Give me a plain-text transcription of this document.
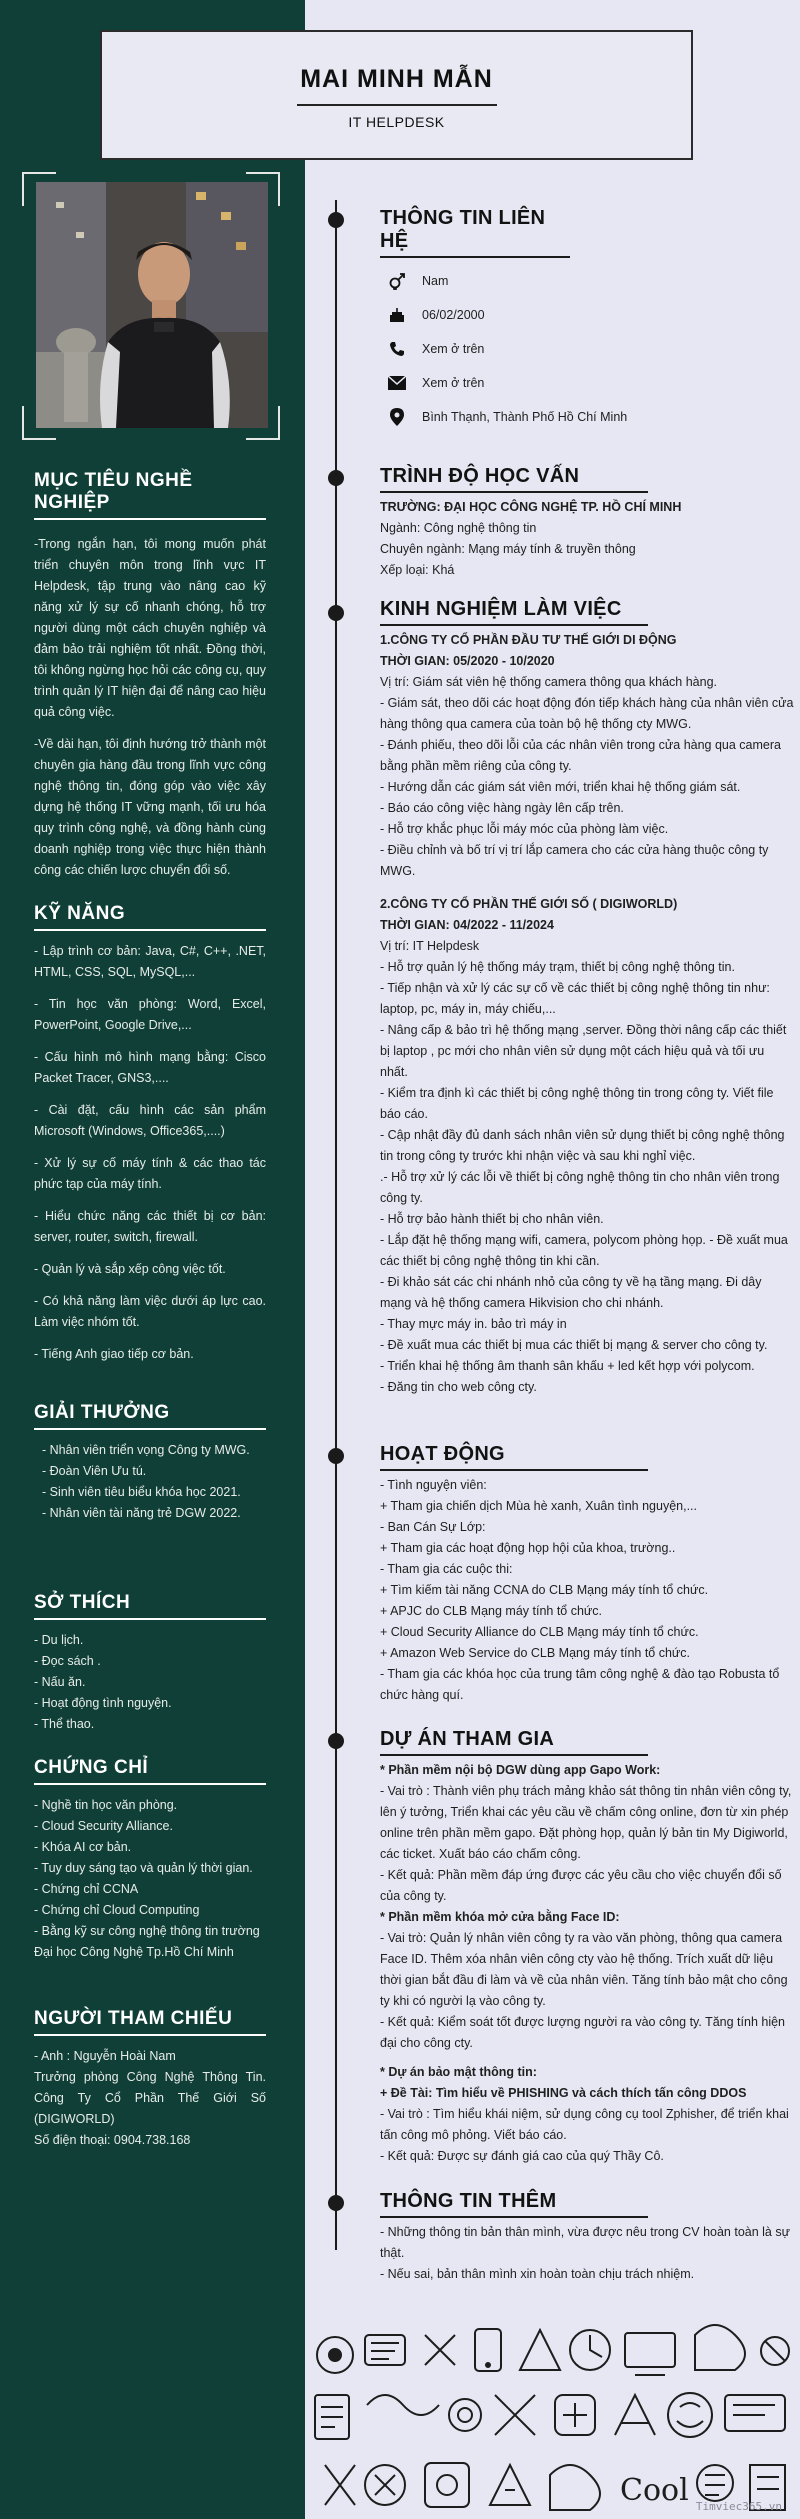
MAI MINH MẪN
IT HELPDESK
MỤC TIÊU NGHỀ NGHIỆP

-Trong ngắn hạn, tôi mong muốn phát triển chuyên môn trong lĩnh vực IT Helpdesk, tập trung vào nâng cao kỹ năng xử lý sự cố nhanh chóng, hỗ trợ người dùng một cách chuyên nghiệp và đảm bảo trải nghiệm tốt nhất. Đồng thời, tôi không ngừng học hỏi các công cụ, quy trình quản lý IT hiện đại để nâng cao hiệu quả công việc.

-Về dài hạn, tôi định hướng trở thành một chuyên gia hàng đầu trong lĩnh vực công nghệ thông tin, đóng góp vào việc xây dựng hệ thống IT vững mạnh, tối ưu hóa quy trình công nghệ, và đồng hành cùng doanh nghiệp trong việc thực hiện thành công các chiến lược chuyển đổi số.

KỸ NĂNG

- Lập trình cơ bản: Java, C#, C++, .NET, HTML, CSS, SQL, MySQL,...

- Tin học văn phòng: Word, Excel, PowerPoint, Google Drive,...

- Cấu hình mô hình mạng bằng: Cisco Packet Tracer, GNS3,....

- Cài đặt, cấu hình các sản phẩm Microsoft (Windows, Office365,....)

- Xử lý sự cố máy tính & các thao tác phức tạp của máy tính.

- Hiểu chức năng các thiết bị cơ bản: server, router, switch, firewall.

- Quản lý và sắp xếp công việc tốt.

- Có khả năng làm việc dưới áp lực cao. Làm việc nhóm tốt.

- Tiếng Anh giao tiếp cơ bản.

GIẢI THƯỞNG
- Nhân viên triển vọng Công ty MWG.
- Đoàn Viên Ưu tú.
- Sinh viên tiêu biểu khóa học 2021.
- Nhân viên tài năng trẻ DGW 2022.
SỞ THÍCH
- Du lịch.
- Đọc sách .
- Nấu ăn.
- Hoạt động tình nguyện.
- Thể thao.
CHỨNG CHỈ
- Nghề tin học văn phòng.
- Cloud Security Alliance.
- Khóa AI cơ bản.
- Tuy duy sáng tạo và quản lý thời gian.
- Chứng chỉ CCNA
- Chứng chỉ Cloud Computing
- Bằng kỹ sư công nghệ thông tin trường Đại học Công Nghệ Tp.Hồ Chí Minh
NGƯỜI THAM CHIẾU
- Anh : Nguyễn Hoài Nam
Trưởng phòng Công Nghệ Thông Tin. Công Ty Cổ Phần Thế Giới Số (DIGIWORLD)
Số điện thoại: 0904.738.168
THÔNG TIN LIÊN HỆ
Nam
06/02/2000
Xem ở trên
Xem ở trên
Bình Thạnh, Thành Phố Hồ Chí Minh
TRÌNH ĐỘ HỌC VẤN

TRƯỜNG: ĐẠI HỌC CÔNG NGHỆ TP. HỒ CHÍ MINH

Ngành: Công nghệ thông tin

Chuyên ngành: Mạng máy tính & truyền thông

Xếp loại: Khá

KINH NGHIỆM LÀM VIỆC

1.CÔNG TY CỔ PHẦN ĐẦU TƯ THẾ GIỚI DI ĐỘNG

THỜI GIAN: 05/2020 - 10/2020

Vị trí: Giám sát viên hệ thống camera thông qua khách hàng.

- Giám sát, theo dõi các hoạt động đón tiếp khách hàng của nhân viên cửa hàng thông qua camera của toàn bộ hệ thống cty MWG.

- Đánh phiếu, theo dõi lỗi của các nhân viên trong cửa hàng qua camera bằng phần mềm riêng của công ty.

- Hướng dẫn các giám sát viên mới, triển khai hệ thống giám sát.

- Báo cáo công việc hàng ngày lên cấp trên.

- Hỗ trợ khắc phục lỗi máy móc của phòng làm việc.

- Điều chỉnh và bố trí vị trí lắp camera cho các cửa hàng thuộc công ty MWG.

2.CÔNG TY CỔ PHẦN THẾ GIỚI SỐ ( DIGIWORLD)

THỜI GIAN: 04/2022 - 11/2024

Vị trí: IT Helpdesk

- Hỗ trợ quản lý hệ thống máy trạm, thiết bị công nghệ thông tin.

- Tiếp nhận và xử lý các sự cố về các thiết bị công nghệ thông tin như: laptop, pc, máy in, máy chiếu,...

- Nâng cấp & bảo trì hệ thống mạng ,server. Đồng thời nâng cấp các thiết bị laptop , pc mới cho nhân viên sử dụng một cách hiệu quả và tối ưu nhất.

- Kiểm tra định kì các thiết bị công nghệ thông tin trong công ty. Viết file báo cáo.

- Cập nhật đầy đủ danh sách nhân viên sử dụng thiết bị công nghệ thông tin trong công ty trước khi nhận việc và sau khi nghỉ việc.

.- Hỗ trợ xử lý các lỗi về thiết bị công nghệ thông tin cho nhân viên trong công ty.

- Hỗ trợ bảo hành thiết bị cho nhân viên.

- Lắp đặt hệ thống mạng wifi, camera, polycom phòng họp. - Đề xuất mua các thiết bị công nghệ thông tin khi cần.

- Đi khảo sát các chi nhánh nhỏ của công ty về hạ tầng mạng. Đi dây mạng và hệ thống camera Hikvision cho chi nhánh.

- Thay mực máy in. bảo trì máy in

- Đề xuất mua các thiết bị mua các thiết bị mạng & server cho công ty.

- Triển khai hệ thống âm thanh sân khấu + led kết hợp với polycom.

- Đăng tin cho web công cty.

HOẠT ĐỘNG

- Tình nguyện viên:

+ Tham gia chiến dịch Mùa hè xanh, Xuân tình nguyện,...

- Ban Cán Sự Lớp:

+ Tham gia các hoạt động họp hội của khoa, trường..

- Tham gia các cuộc thi:

+ Tìm kiếm tài năng CCNA do CLB Mạng máy tính tổ chức.

+ APJC do CLB Mạng máy tính tổ chức.

+ Cloud Security Alliance do CLB Mạng máy tính tổ chức.

+ Amazon Web Service do CLB Mạng máy tính tổ chức.

- Tham gia các khóa học của trung tâm công nghệ & đào tạo Robusta tổ chức hàng quí.

DỰ ÁN THAM GIA

* Phần mềm nội bộ DGW dùng app Gapo Work:

- Vai trò : Thành viên phụ trách mảng khảo sát thông tin nhân viên công ty, lên ý tưởng, Triển khai các yêu cầu về chấm công online, đơn từ xin phép online trên phần mềm gapo. Đặt phòng họp, quản lý bản tin My Digiworld, các ticket. Xuất báo cáo chấm công.

- Kết quả: Phần mềm đáp ứng được các yêu cầu cho việc chuyển đổi số của công ty.

* Phần mềm khóa mở cửa bằng Face ID:

- Vai trò: Quản lý nhân viên công ty ra vào văn phòng, thông qua camera Face ID. Thêm xóa nhân viên công cty vào hệ thống. Trích xuất dữ liệu thời gian bắt đầu đi làm và về của nhân viên. Tăng tính bảo mật cho công ty khi có người lạ vào công ty.

- Kết quả: Kiểm soát tốt được lượng người ra vào công ty. Tăng tính hiện đại cho công cty.

* Dự án bảo mật thông tin:

+ Đề Tài: Tìm hiểu về PHISHING và cách thích tấn công DDOS

- Vai trò : Tìm hiểu khái niệm, sử dụng công cụ tool Zphisher, để triển khai tấn công mô phỏng. Viết báo cáo.

- Kết quả: Được sự đánh giá cao của quý Thầy Cô.

THÔNG TIN THÊM

- Những thông tin bản thân mình, vừa được nêu trong CV hoàn toàn là sự thật.

- Nếu sai, bản thân mình xin hoàn toàn chịu trách nhiệm.

Cool Timviec365.vn
